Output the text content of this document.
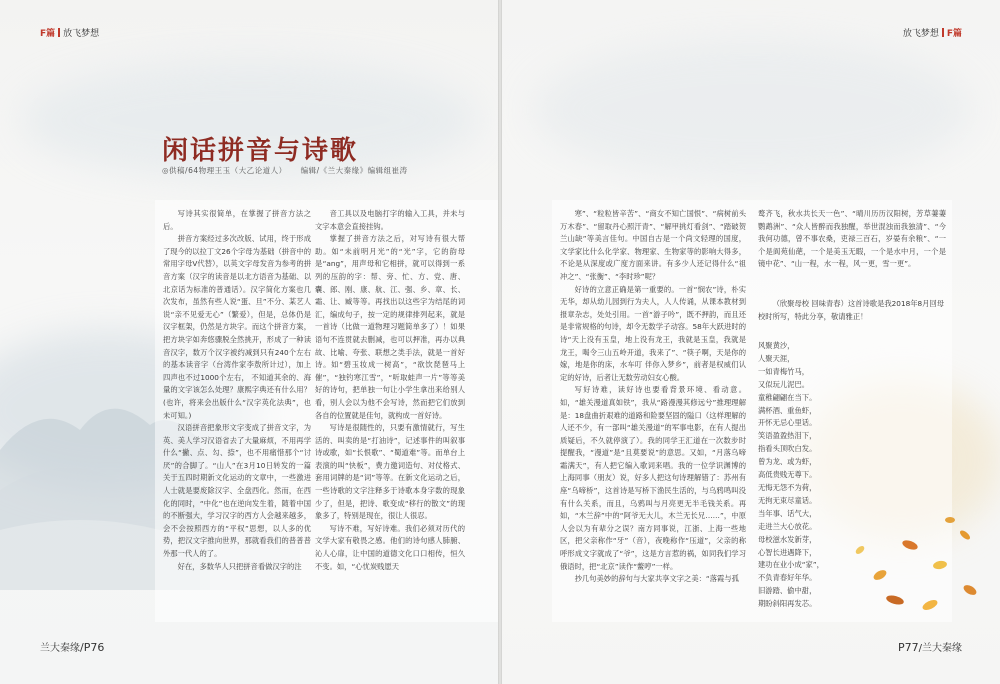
F篇 放飞梦想
闲话拼音与诗歌
◎供稿/64物理王玉（大乙论道人） 编辑/《兰大秦缘》编辑组崔涛

写诗其实很简单，在掌握了拼音方法之后。

拼音方案经过多次改版、试用，终于形成了现今的以拉丁文26个字母为基础（拼音中的 常用字母V代替），以英文字母发音为参考的拼音方案（汉字的读音是以北方语音为基础、以北京话为标准的普通话）。汉字简化方案也几次发布，虽然有些人说“蛋、旦”不分、某艺人说“亲不见爱无心”（繁爱），但是，总体仍是汉字框架，仍然是方块字。而这个拼音方案，把方块字如奔悠骤脱全然挑开，形成了一种读音汉字，数万个汉字被约减到只有240个左右的基本读音字（台湾作家李敖所计过），加上四声也不过1000个左右， 不知道其余的、海量的文字该怎么处理？康熙字典还有什么用？(也许，将来会出版什么“汉字英化法典”，也未可知。)

汉语拼音把象形文字变成了拼音文字，为英、美人学习汉语省去了大量麻烦，不用再学什么“撇、点、勾、捺”，也不用痛惜那个“讨厌”的合脚了。“山人”在3月10日转发的一篇关于五四时期新文化运动的文章中，一些激进人士就是要废除汉字、全盘西化。然而，在西化的同时，“中化”也在逆向发生着，随着中国的不断强大，学习汉字的西方人会越来越多，会不会按照西方的“平权”思想，以人多的优势，把汉文字推向世界，那就看我们的普普普外那一代人的了。

好在，多数华人只把拼音看做汉字的注

音工具以及电脑打字的输入工具，并未与文字本意会直接挂钩。

掌握了拼音方法之后，对写诗有很大帮助。如“未前明月光”的“光”字，它的韵母是“ang”，用声母和它相拼，就可以得到一系列的压韵的字：帮、旁、忙、方、党、唐、囊、郎、刚、康、航、江、强、乡、章、长、霜、让、臧等等。再找出以这些字为结尾的词汇，编成句子，按一定的规律排列起来，就是一首诗（比做一道物理习题简单多了）！如果语句不连贯就去删减，也可以押准，再办以典故、比喻、夸张、联想之类手法，就是一首好诗。如“碧玉妆成一树高”，“欲饮琵琶马上催”，“独钓寒江雪”，“听取蛙声一片”等等美好的诗句，把单独一句让小学生拿出来给别人看，别人会以为他不会写诗，然而把它们放到各自的位置就是佳句，就构成一首好诗。

写诗是很随性的，只要有激情就行，写生活的、叫卖的是“打油诗”，记述事件的叫叙事诗或歌，如“长恨歌”、“蜀道难”等。而单台上表演的叫“快板”，费力邀词造句、对仗格式、套用词牌的是“词”等等。在新文化运动之后，一些诗歌的文字注释多于诗歌本身字数的现象少了，但是，把诗、歌变成“移行的散文”的现象多了，特别是现在，很让人很忍。

写诗不难，写好诗难。我们必须对历代的文学大家有敬畏之感。他们的诗句感人肺腑、沁人心扉，让中国的道德文化口口相传，恒久不变。如，“心忧炭贱愿天

兰大秦缘/P76
放飞梦想 F篇

寒”、“粒粒皆辛苦”、“商女不知亡国恨”、“病树前头万木春”、“留取丹心照汗青”、“解甲挑灯看剑”、“踏破贺兰山缺”等美言佳句。中国自古是一个尚文轻理的国度，文学家比什么化学家、物理家、生物家等的影响大得多，不论是从深度或广度方面来讲。有多少人还记得什么“祖冲之”、“张衡”、“李时珍”呢？

好诗的立意正确是第一重要的。一首“悯农”诗，朴实无华，却从幼儿园到行为夫人，人人传诵，从课本教材到报章杂志，处处引用。一首“游子吟”，既不押韵，而且还是非常规格的句诗，却令无数学子动容。58年大跃进时的诗“天上没有玉皇，地上没有龙王，我就是玉皇，我就是龙王，喝令三山五岭开道，我来了”、“筷子啊，天是你的嫁，地是你的床，水车叮 伴你入梦乡”，前者是权威们认定的好诗，后者让无数劳动妇女心酸。

写好诗难，读好诗也要看背景环境、看动意。如，“雄关漫道真如铁”，我从“路漫漫其修远兮”推理理解是：18盘曲折艰难的道路和险要坚固的隘口（这样理解的人还不少，有一部叫“雄关漫道”的军事电影，在有人提出质疑后，不久就停演了）。我的同学王汇道在一次数步时提醒我，“漫道”是“且莫要说”的意思。又如，“月落乌啼霜满天”，有人把它编入歌词来唱。我的一位学识渊博的上海同事（朋友）说，好多人把这句诗理解错了：苏州有座“乌啼桥”，这首诗是写桥下渔民生活的，与乌鸦鸣叫没有什么关系，而且，乌鸦叫与月亮更无半毛钱关系。再如，“木兰辞”中的“阿爷无大儿，木兰无长兄……”，中原人会以为有辈分之误？南方同事说，江浙、上海一些地区，把父亲称作“牙”（音），夜晚称作“压道”，父亲的称呼形成文字就成了“爷”，这是方言惹的祸，如同我们学习俄语时，把“北京”读作“鳖哼”一样。

抄几句美妙的辞句与大家共享文字之美：“落霞与孤

鹜齐飞，秋水共长天一色”、“晴川历历汉阳树，芳草萋萋鹦鹉洲”、“众人皆醉而我独醒，举世混浊而我独清”、“今我何功德，曾不事农桑，吏禄三百石，岁晏有余粮”、“一个是阆苑仙葩，一个是美玉无暇，一个是水中月，一个是镜中花”、“山一程，水一程，风一更，雪一更”。

P77/兰大秦缘

（欣聚母校 回味青春）这首诗歌是我2018年8月回母校时所写，特此分享，敬请雅正！

风聚黄沙，
人聚天涯，
一如青梅竹马，
又似玩儿泥巴。
童稚翩翩在当下。
满杯酒、重鱼虾，
开怀无忌心里话。
笑语盈盈热泪下，
指看头顶吹白发。
曾为龙、或为虾，
高低贵贱无尊下。
无悔无怨不为荷，
无拘无束尽童话。
当年事、话气大，
走进兰大心放花。
母校滋水发新芽，
心智长进遇降下，
建功在业小成“家”，
不负青春好年华。
旧游踏、偷中甜，
期盼斜阳再发芯。
